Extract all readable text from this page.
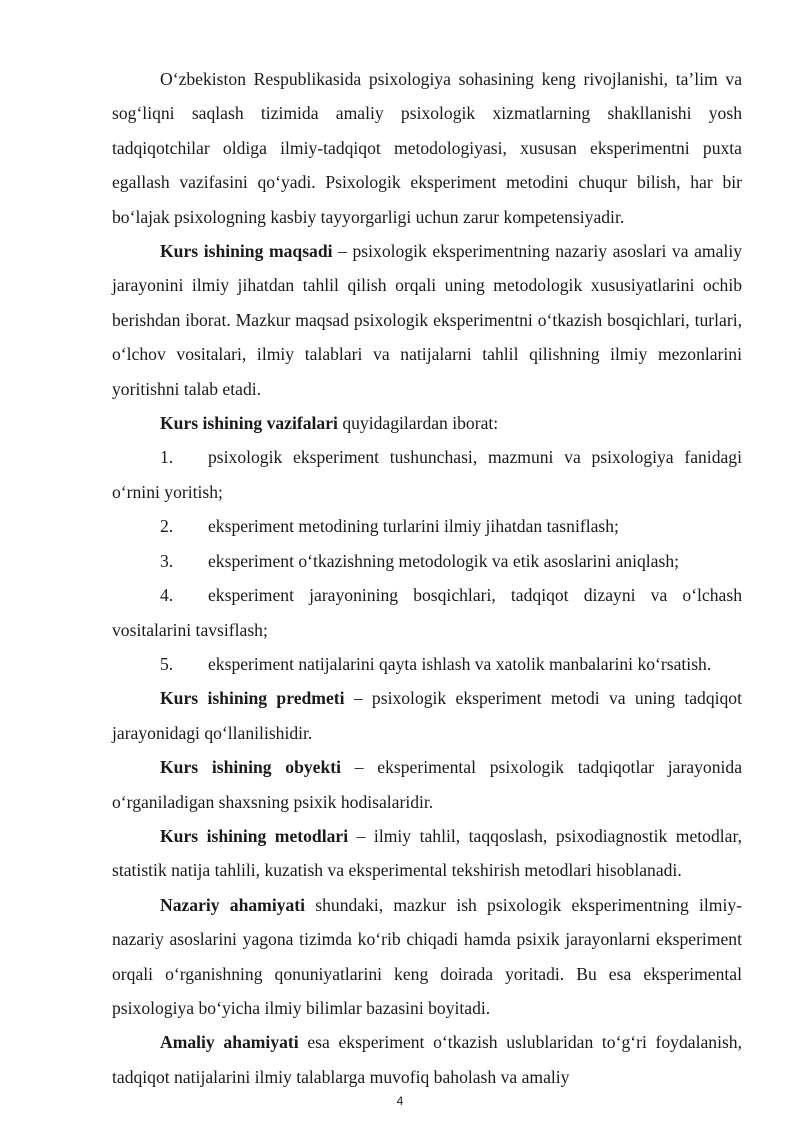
O‘zbekiston Respublikasida psixologiya sohasining keng rivojlanishi, ta’lim va sog‘liqni saqlash tizimida amaliy psixologik xizmatlarning shakllanishi yosh tadqiqotchilar oldiga ilmiy-tadqiqot metodologiyasi, xususan eksperimentni puxta egallash vazifasini qo‘yadi. Psixologik eksperiment metodini chuqur bilish, har bir bo‘lajak psixologning kasbiy tayyorgarligi uchun zarur kompetensiyadir.

Kurs ishining maqsadi – psixologik eksperimentning nazariy asoslari va amaliy jarayonini ilmiy jihatdan tahlil qilish orqali uning metodologik xususiyatlarini ochib berishdan iborat. Mazkur maqsad psixologik eksperimentni o‘tkazish bosqichlari, turlari, o‘lchov vositalari, ilmiy talablari va natijalarni tahlil qilishning ilmiy mezonlarini yoritishni talab etadi.

Kurs ishining vazifalari quyidagilardan iborat:

1. psixologik eksperiment tushunchasi, mazmuni va psixologiya fanidagi o‘rnini yoritish;

2. eksperiment metodining turlarini ilmiy jihatdan tasniflash;

3. eksperiment o‘tkazishning metodologik va etik asoslarini aniqlash;

4. eksperiment jarayonining bosqichlari, tadqiqot dizayni va o‘lchash vositalarini tavsiflash;

5. eksperiment natijalarini qayta ishlash va xatolik manbalarini ko‘rsatish.

Kurs ishining predmeti – psixologik eksperiment metodi va uning tadqiqot jarayonidagi qo‘llanilishidir.

Kurs ishining obyekti – eksperimental psixologik tadqiqotlar jarayonida o‘rganiladigan shaxsning psixik hodisalaridir.

Kurs ishining metodlari – ilmiy tahlil, taqqoslash, psixodiagnostik metodlar, statistik natija tahlili, kuzatish va eksperimental tekshirish metodlari hisoblanadi.

Nazariy ahamiyati shundaki, mazkur ish psixologik eksperimentning ilmiy-nazariy asoslarini yagona tizimda ko‘rib chiqadi hamda psixik jarayonlarni eksperiment orqali o‘rganishning qonuniyatlarini keng doirada yoritadi. Bu esa eksperimental psixologiya bo‘yicha ilmiy bilimlar bazasini boyitadi.

Amaliy ahamiyati esa eksperiment o‘tkazish uslublaridan to‘g‘ri foydalanish, tadqiqot natijalarini ilmiy talablarga muvofiq baholash va amaliy

4
